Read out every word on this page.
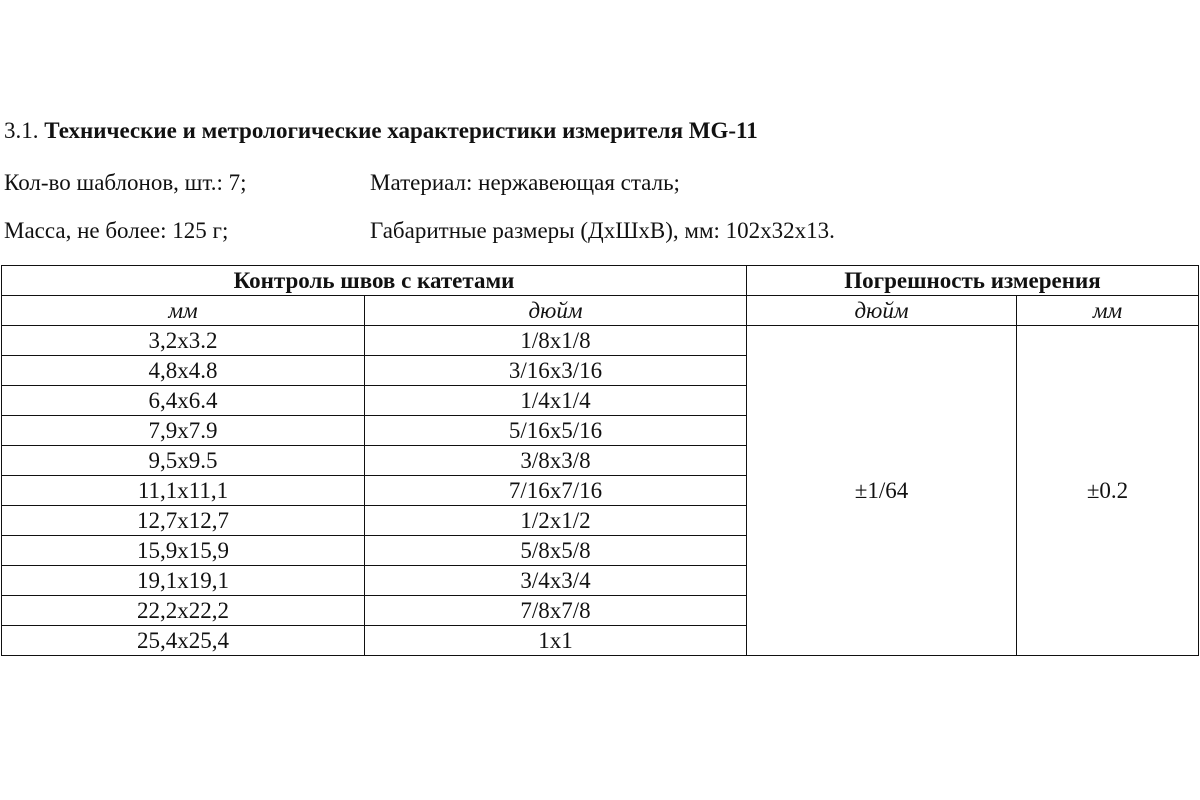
3.1. Технические и метрологические характеристики измерителя MG-11
Кол-во шаблонов, шт.: 7;	Материал: нержавеющая сталь;
Масса, не более: 125 г;	Габаритные размеры (ДхШхВ), мм: 102x32x13.
Контроль швов с катетами		Погрешность измерения	
мм	дюйм	дюйм	мм
3,2x3.2	1/8x1/8	±1/64	±0.2
4,8x4.8	3/16x3/16		
6,4x6.4	1/4x1/4		
7,9x7.9	5/16x5/16		
9,5x9.5	3/8x3/8		
11,1x11,1	7/16x7/16		
12,7x12,7	1/2x1/2		
15,9x15,9	5/8x5/8		
19,1x19,1	3/4x3/4		
22,2x22,2	7/8x7/8		
25,4x25,4	1x1		
